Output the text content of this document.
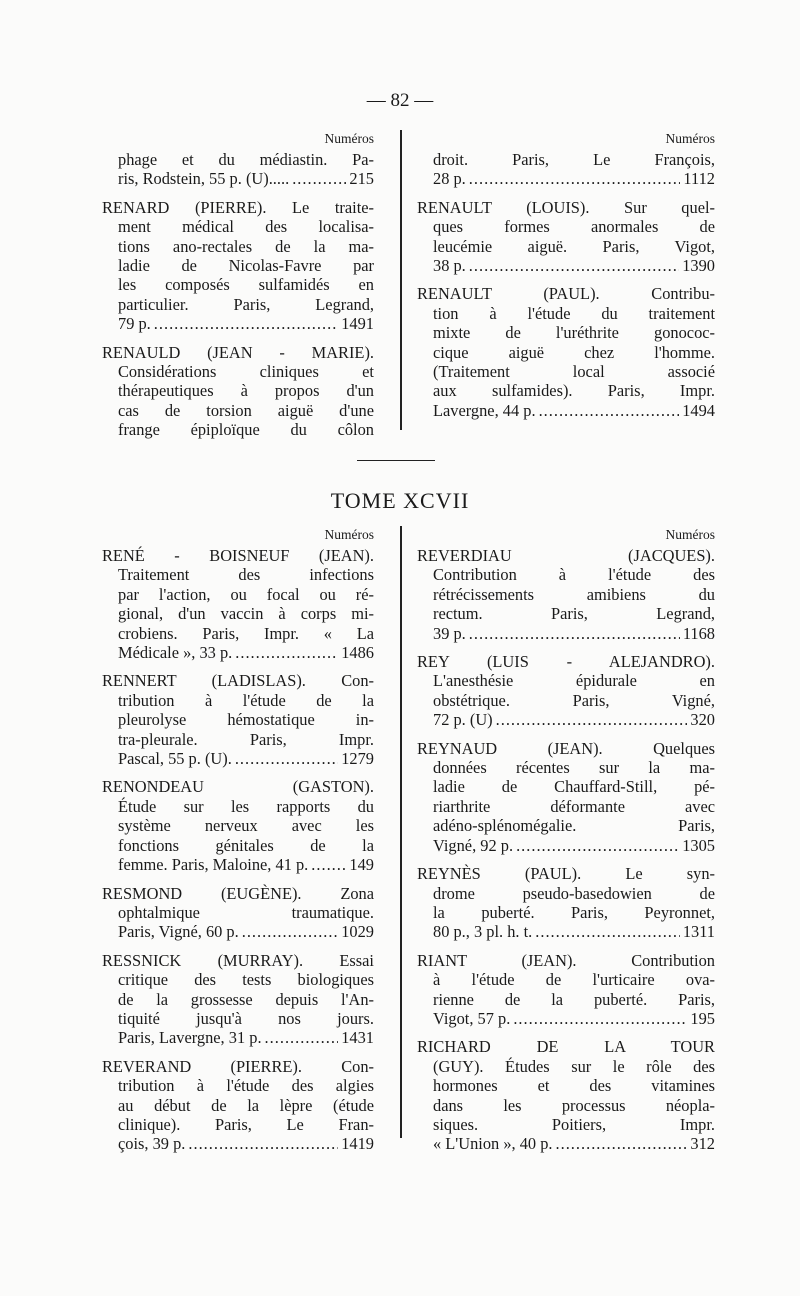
— 82 —
Numéros
phage et du médiastin. Pa-
ris, Rodstein, 55 p. (U)..... .....	215
RENARD (PIERRE). Le traite-
ment médical des localisa-
tions ano-rectales de la ma-
ladie de Nicolas-Favre par
les composés sulfamidés en
particulier. Paris, Legrand,
79 p. .....	1491
RENAULD (JEAN - MARIE).
Considérations cliniques et
thérapeutiques à propos d'un
cas de torsion aiguë d'une
frange épiploïque du côlon
Numéros
droit. Paris, Le François,
28 p. .....	1112
RENAULT (LOUIS). Sur quel-
ques formes anormales de
leucémie aiguë. Paris, Vigot,
38 p. .....	1390
RENAULT (PAUL). Contribu-
tion à l'étude du traitement
mixte de l'uréthrite gonococ-
cique aiguë chez l'homme.
(Traitement local associé
aux sulfamides). Paris, Impr.
Lavergne, 44 p. .....	1494
TOME XCVII
Numéros
RENÉ - BOISNEUF (JEAN).
Traitement des infections
par l'action, ou focal ou ré-
gional, d'un vaccin à corps mi-
crobiens. Paris, Impr. « La
Médicale », 33 p. .....	1486
RENNERT (LADISLAS). Con-
tribution à l'étude de la
pleurolyse hémostatique in-
tra-pleurale. Paris, Impr.
Pascal, 55 p. (U). .....	1279
RENONDEAU (GASTON).
Étude sur les rapports du
système nerveux avec les
fonctions génitales de la
femme. Paris, Maloine, 41 p. .....	149
RESMOND (EUGÈNE). Zona
ophtalmique traumatique.
Paris, Vigné, 60 p. .....	1029
RESSNICK (MURRAY). Essai
critique des tests biologiques
de la grossesse depuis l'An-
tiquité jusqu'à nos jours.
Paris, Lavergne, 31 p. .....	1431
REVERAND (PIERRE). Con-
tribution à l'étude des algies
au début de la lèpre (étude
clinique). Paris, Le Fran-
çois, 39 p. .....	1419
Numéros
REVERDIAU (JACQUES).
Contribution à l'étude des
rétrécissements amibiens du
rectum. Paris, Legrand,
39 p. .....	1168
REY (LUIS - ALEJANDRO).
L'anesthésie épidurale en
obstétrique. Paris, Vigné,
72 p. (U) .....	320
REYNAUD (JEAN). Quelques
données récentes sur la ma-
ladie de Chauffard-Still, pé-
riarthrite déformante avec
adéno-splénomégalie. Paris,
Vigné, 92 p. .....	1305
REYNÈS (PAUL). Le syn-
drome pseudo-basedowien de
la puberté. Paris, Peyronnet,
80 p., 3 pl. h. t. .....	1311
RIANT (JEAN). Contribution
à l'étude de l'urticaire ova-
rienne de la puberté. Paris,
Vigot, 57 p. .....	195
RICHARD DE LA TOUR
(GUY). Études sur le rôle des
hormones et des vitamines
dans les processus néopla-
siques. Poitiers, Impr.
« L'Union », 40 p. .....	312
